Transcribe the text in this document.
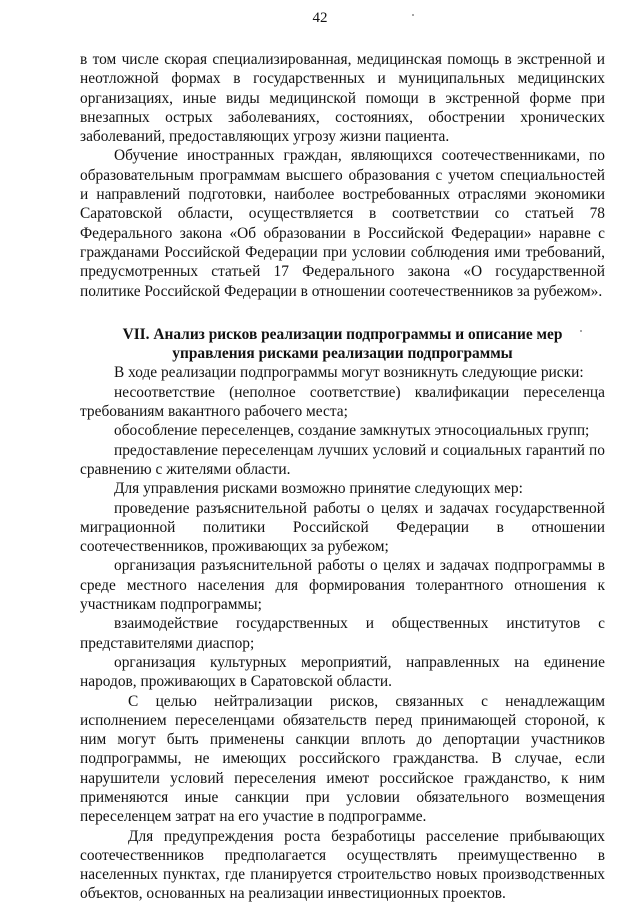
42

в том числе скорая специализированная, медицинская помощь в экстренной и неотложной формах в государственных и муниципальных медицинских организациях, иные виды медицинской помощи в экстренной форме при внезапных острых заболеваниях, состояниях, обострении хронических заболеваний, предоставляющих угрозу жизни пациента.

Обучение иностранных граждан, являющихся соотечественниками, по образовательным программам высшего образования с учетом специальностей и направлений подготовки, наиболее востребованных отраслями экономики Саратовской области, осуществляется в соответствии со статьей 78 Федерального закона «Об образовании в Российской Федерации» наравне с гражданами Российской Федерации при условии соблюдения ими требований, предусмотренных статьей 17 Федерального закона «О государственной политике Российской Федерации в отношении соотечественников за рубежом».

VII. Анализ рисков реализации подпрограммы и описание мер
управления рисками реализации подпрограммы

В ходе реализации подпрограммы могут возникнуть следующие риски:

несоответствие (неполное соответствие) квалификации переселенца требованиям вакантного рабочего места;

обособление переселенцев, создание замкнутых этносоциальных групп;

предоставление переселенцам лучших условий и социальных гарантий по сравнению с жителями области.

Для управления рисками возможно принятие следующих мер:

проведение разъяснительной работы о целях и задачах государственной миграционной политики Российской Федерации в отношении соотечественников, проживающих за рубежом;

организация разъяснительной работы о целях и задачах подпрограммы в среде местного населения для формирования толерантного отношения к участникам подпрограммы;

взаимодействие государственных и общественных институтов с представителями диаспор;

организация культурных мероприятий, направленных на единение народов, проживающих в Саратовской области.

С целью нейтрализации рисков, связанных с ненадлежащим исполнением переселенцами обязательств перед принимающей стороной, к ним могут быть применены санкции вплоть до депортации участников подпрограммы, не имеющих российского гражданства. В случае, если нарушители условий переселения имеют российское гражданство, к ним применяются иные санкции при условии обязательного возмещения переселенцем затрат на его участие в подпрограмме.

Для предупреждения роста безработицы расселение прибывающих соотечественников предполагается осуществлять преимущественно в населенных пунктах, где планируется строительство новых производственных объектов, основанных на реализации инвестиционных проектов.
